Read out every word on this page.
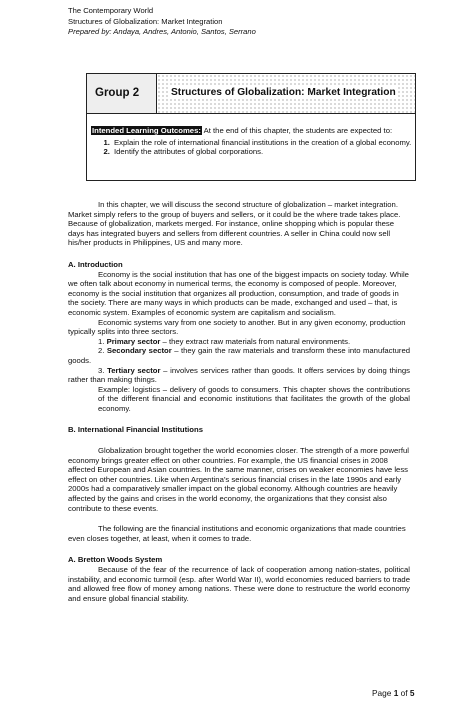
The Contemporary World
Structures of Globalization: Market Integration
Prepared by: Andaya, Andres, Antonio, Santos, Serrano
Group 2	Structures of Globalization: Market Integration
Intended Learning Outcomes: At the end of this chapter, the students are expected to:
1. Explain the role of international financial institutions in the creation of a global economy.
2. Identify the attributes of global corporations.

In this chapter, we will discuss the second structure of globalization – market integration. Market simply refers to the group of buyers and sellers, or it could be the where trade takes place. Because of globalization, markets merged. For instance, online shopping which is popular these days has integrated buyers and sellers from different countries. A seller in China could now sell his/her products in Philippines, US and many more.

A. Introduction

Economy is the social institution that has one of the biggest impacts on society today. While we often talk about economy in numerical terms, the economy is composed of people. Moreover, economy is the social institution that organizes all production, consumption, and trade of goods in the society. There are many ways in which products can be made, exchanged and used – that, is economic system. Examples of economic system are capitalism and socialism.

Economic systems vary from one society to another. But in any given economy, production typically splits into three sectors.

1. Primary sector – they extract raw materials from natural environments.

2. Secondary sector – they gain the raw materials and transform these into manufactured goods.

3. Tertiary sector – involves services rather than goods. It offers services by doing things rather than making things.

Example: logistics – delivery of goods to consumers. This chapter shows the contributions of the different financial and economic institutions that facilitates the growth of the global economy.

B. International Financial Institutions

Globalization brought together the world economies closer. The strength of a more powerful economy brings greater effect on other countries. For example, the US financial crises in 2008 affected European and Asian countries. In the same manner, crises on weaker economies have less effect on other countries. Like when Argentina’s serious financial crises in the late 1990s and early 2000s had a comparatively smaller impact on the global economy. Although countries are heavily affected by the gains and crises in the world economy, the organizations that they consist also contribute to these events.

The following are the financial institutions and economic organizations that made countries even closes together, at least, when it comes to trade.

A. Bretton Woods System

Because of the fear of the recurrence of lack of cooperation among nation-states, political instability, and economic turmoil (esp. after World War II), world economies reduced barriers to trade and allowed free flow of money among nations. These were done to restructure the world economy and ensure global financial stability.

Page 1 of 5
